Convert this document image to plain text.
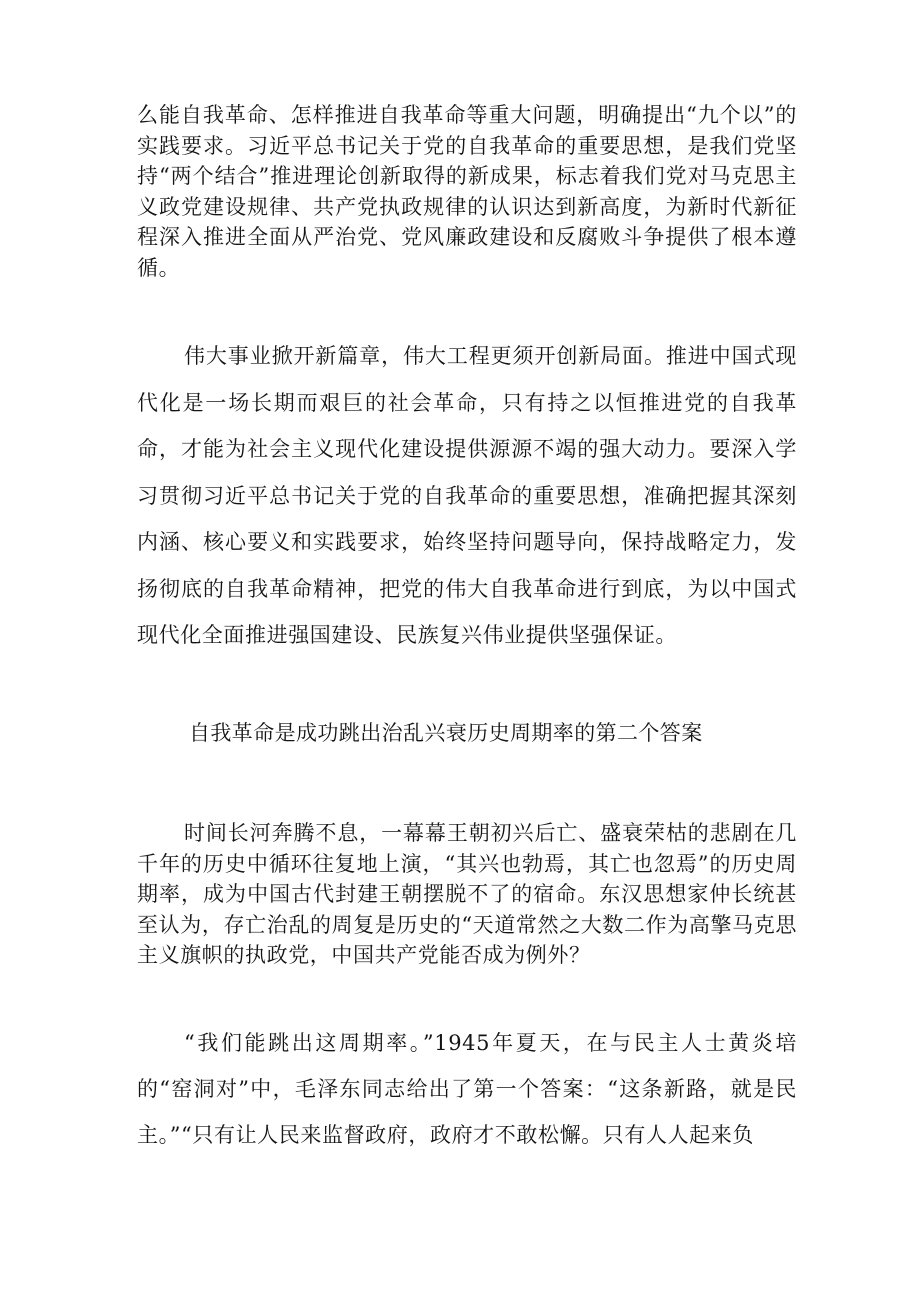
么能自我革命、怎样推进自我革命等重大问题，明确提出“九个以”的实践要求。习近平总书记关于党的自我革命的重要思想，是我们党坚持“两个结合”推进理论创新取得的新成果，标志着我们党对马克思主义政党建设规律、共产党执政规律的认识达到新高度，为新时代新征程深入推进全面从严治党、党风廉政建设和反腐败斗争提供了根本遵循。

伟大事业掀开新篇章，伟大工程更须开创新局面。推进中国式现代化是一场长期而艰巨的社会革命，只有持之以恒推进党的自我革命，才能为社会主义现代化建设提供源源不竭的强大动力。要深入学习贯彻习近平总书记关于党的自我革命的重要思想，准确把握其深刻内涵、核心要义和实践要求，始终坚持问题导向，保持战略定力，发扬彻底的自我革命精神，把党的伟大自我革命进行到底，为以中国式现代化全面推进强国建设、民族复兴伟业提供坚强保证。

自我革命是成功跳出治乱兴衰历史周期率的第二个答案

时间长河奔腾不息，一幕幕王朝初兴后亡、盛衰荣枯的悲剧在几千年的历史中循环往复地上演，“其兴也勃焉，其亡也忽焉”的历史周期率，成为中国古代封建王朝摆脱不了的宿命。东汉思想家仲长统甚至认为，存亡治乱的周复是历史的“天道常然之大数二作为高擎马克思主义旗帜的执政党，中国共产党能否成为例外？

“我们能跳出这周期率。”1945年夏天，在与民主人士黄炎培的“窑洞对”中，毛泽东同志给出了第一个答案：“这条新路，就是民主。”“只有让人民来监督政府，政府才不敢松懈。只有人人起来负
